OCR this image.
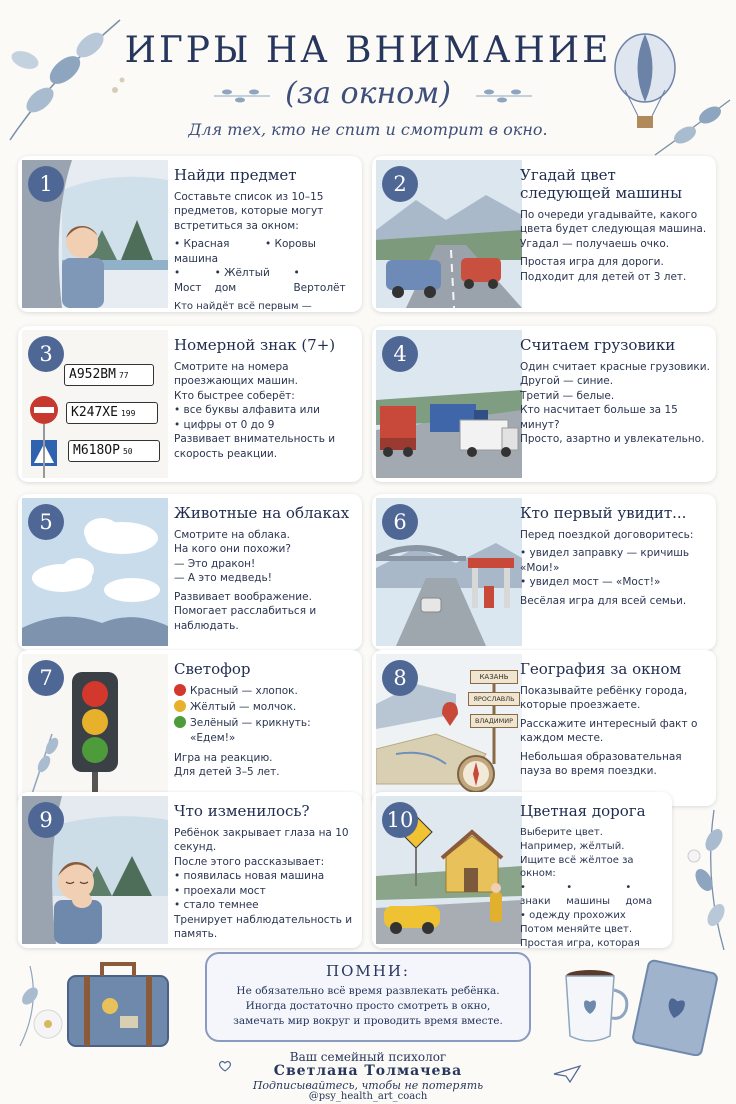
ИГРЫ НА ВНИМАНИЕ
(за окном)
Для тех, кто не спит и смотрит в окно.
1	Найди предмет

Составьте список из 10–15 предметов, которые могут встретиться за окном:

• Красная машина
• Коровы
• Мост
• Жёлтый дом	• Вертолёт

Кто найдёт всё первым —

2	Угадай цвет следующей машины

По очереди угадывайте, какого цвета будет следующая машина. Угадал — получаешь очко.

Простая игра для дороги. Подходит для детей от 3 лет.

А952ВМ 77
К247ХЕ 199
М618ОР 50
3	Номерной знак (7+)

Смотрите на номера проезжающих машин.

Кто быстрее соберёт:

• все буквы алфавита или
• цифры от 0 до 9

Развивает внимательность и скорость реакции.

4	Считаем грузовики

Один считает красные грузовики.

Другой — синие.

Третий — белые.

Кто насчитает больше за 15 минут?

Просто, азартно и увлекательно.

5	Животные на облаках

Смотрите на облака.

На кого они похожи?

— Это дракон!

— А это медведь!

Развивает воображение. Помогает расслабиться и наблюдать.

6	Кто первый увидит...

Перед поездкой договоритесь:

• увидел заправку — кричишь «Мои!»
• увидел мост — «Мост!»

Весёлая игра для всей семьи.

7	Светофор
Красный — хлопок.
Жёлтый — молчок.
Зелёный — крикнуть: «Едем!»

Игра на реакцию.

Для детей 3–5 лет.

КАЗАНЬ
ЯРОСЛАВЛЬ
ВЛАДИМИР
8	География за окном

Показывайте ребёнку города, которые проезжаете.

Расскажите интересный факт о каждом месте.

Небольшая образовательная пауза во время поездки.

9	Что изменилось?

Ребёнок закрывает глаза на 10 секунд.

После этого рассказывает:

• появилась новая машина
• проехали мост
• стало темнее

Тренирует наблюдательность и память.

10	Цветная дорога

Выберите цвет.

Например, жёлтый.

Ищите всё жёлтое за окном:

• знаки	• машины	• дома

• одежду прохожих

Потом меняйте цвет.

Простая игра, которая

ПОМНИ:

Не обязательно всё время развлекать ребёнка.

Иногда достаточно просто смотреть в окно,

замечать мир вокруг и проводить время вместе.

Ваш семейный психолог
Светлана Толмачева
Подписывайтесь, чтобы не потерять
@psy_health_art_coach
